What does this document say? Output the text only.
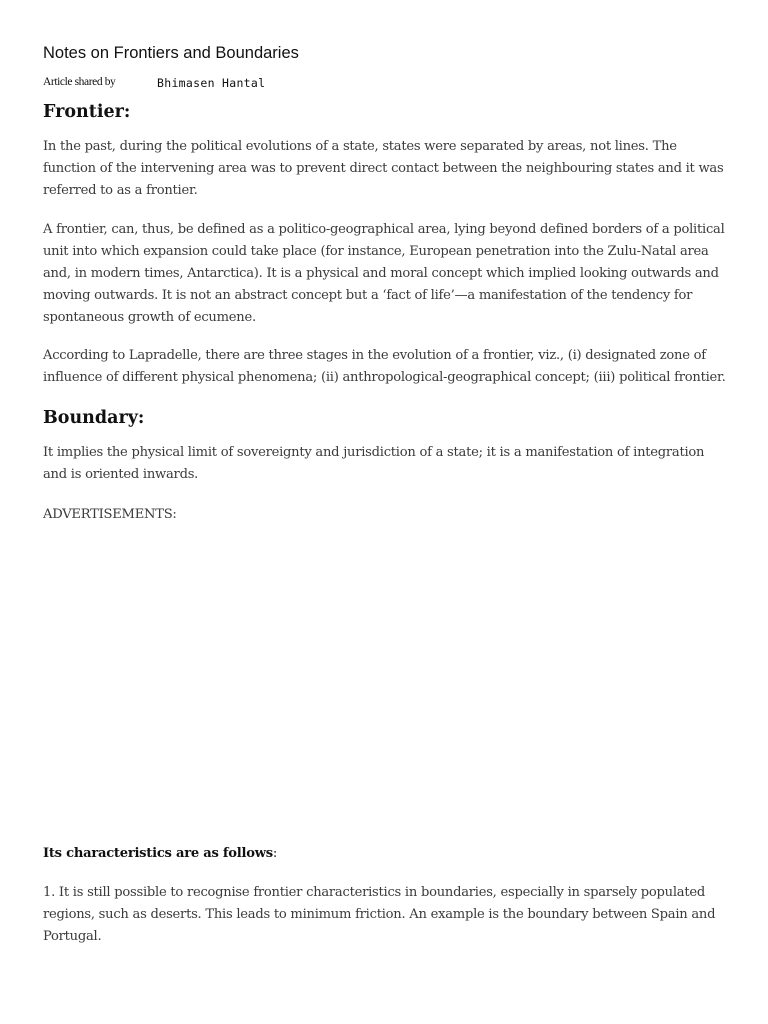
Notes on Frontiers and Boundaries
Article shared by	Bhimasen Hantal
Frontier:

In the past, during the political evolutions of a state, states were separated by areas, not lines. The function of the intervening area was to prevent direct contact between the neighbouring states and it was referred to as a frontier.

A frontier, can, thus, be defined as a politico-geographical area, lying beyond defined borders of a political unit into which expansion could take place (for instance, European penetration into the Zulu-Natal area and, in modern times, Antarctica). It is a physical and moral concept which implied looking outwards and moving outwards. It is not an abstract concept but a ‘fact of life’—a manifestation of the tendency for spontaneous growth of ecumene.

According to Lapradelle, there are three stages in the evolution of a frontier, viz., (i) designated zone of influence of different physical phenomena; (ii) anthropological-geographical concept; (iii) political frontier.

Boundary:

It implies the physical limit of sovereignty and jurisdiction of a state; it is a manifestation of integration and is oriented inwards.

ADVERTISEMENTS:

Its characteristics are as follows:

1. It is still possible to recognise frontier characteristics in boundaries, especially in sparsely populated regions, such as deserts. This leads to minimum friction. An example is the boundary between Spain and Portugal.
